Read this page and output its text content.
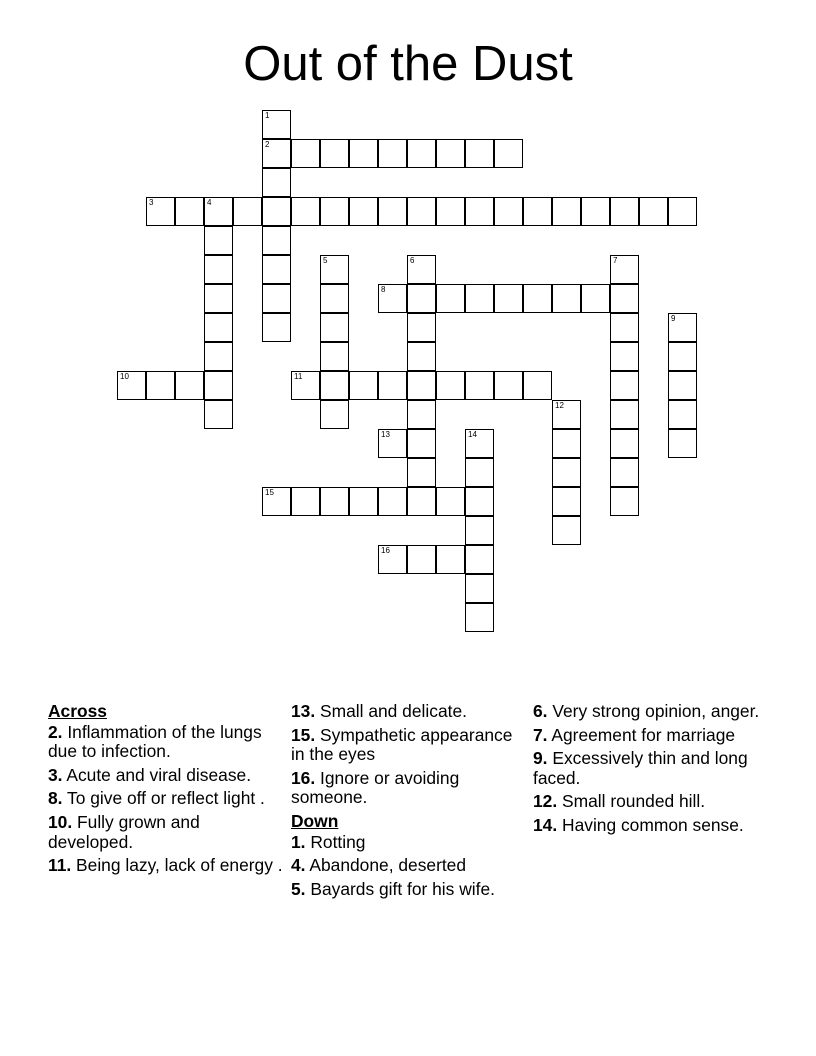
Out of the Dust
1
2
3	4
5	6	7
8
9
10	11
12
13	14
15
16
Across
2. Inflammation of the lungs due to infection.
3. Acute and viral disease.
8. To give off or reflect light .
10. Fully grown and developed.
11. Being lazy, lack of energy .
13. Small and delicate.
15. Sympathetic appearance in the eyes
16. Ignore or avoiding someone.
Down
1. Rotting
4. Abandone, deserted
5. Bayards gift for his wife.
6. Very strong opinion, anger.
7. Agreement for marriage
9. Excessively thin and long faced.
12. Small rounded hill.
14. Having common sense.
